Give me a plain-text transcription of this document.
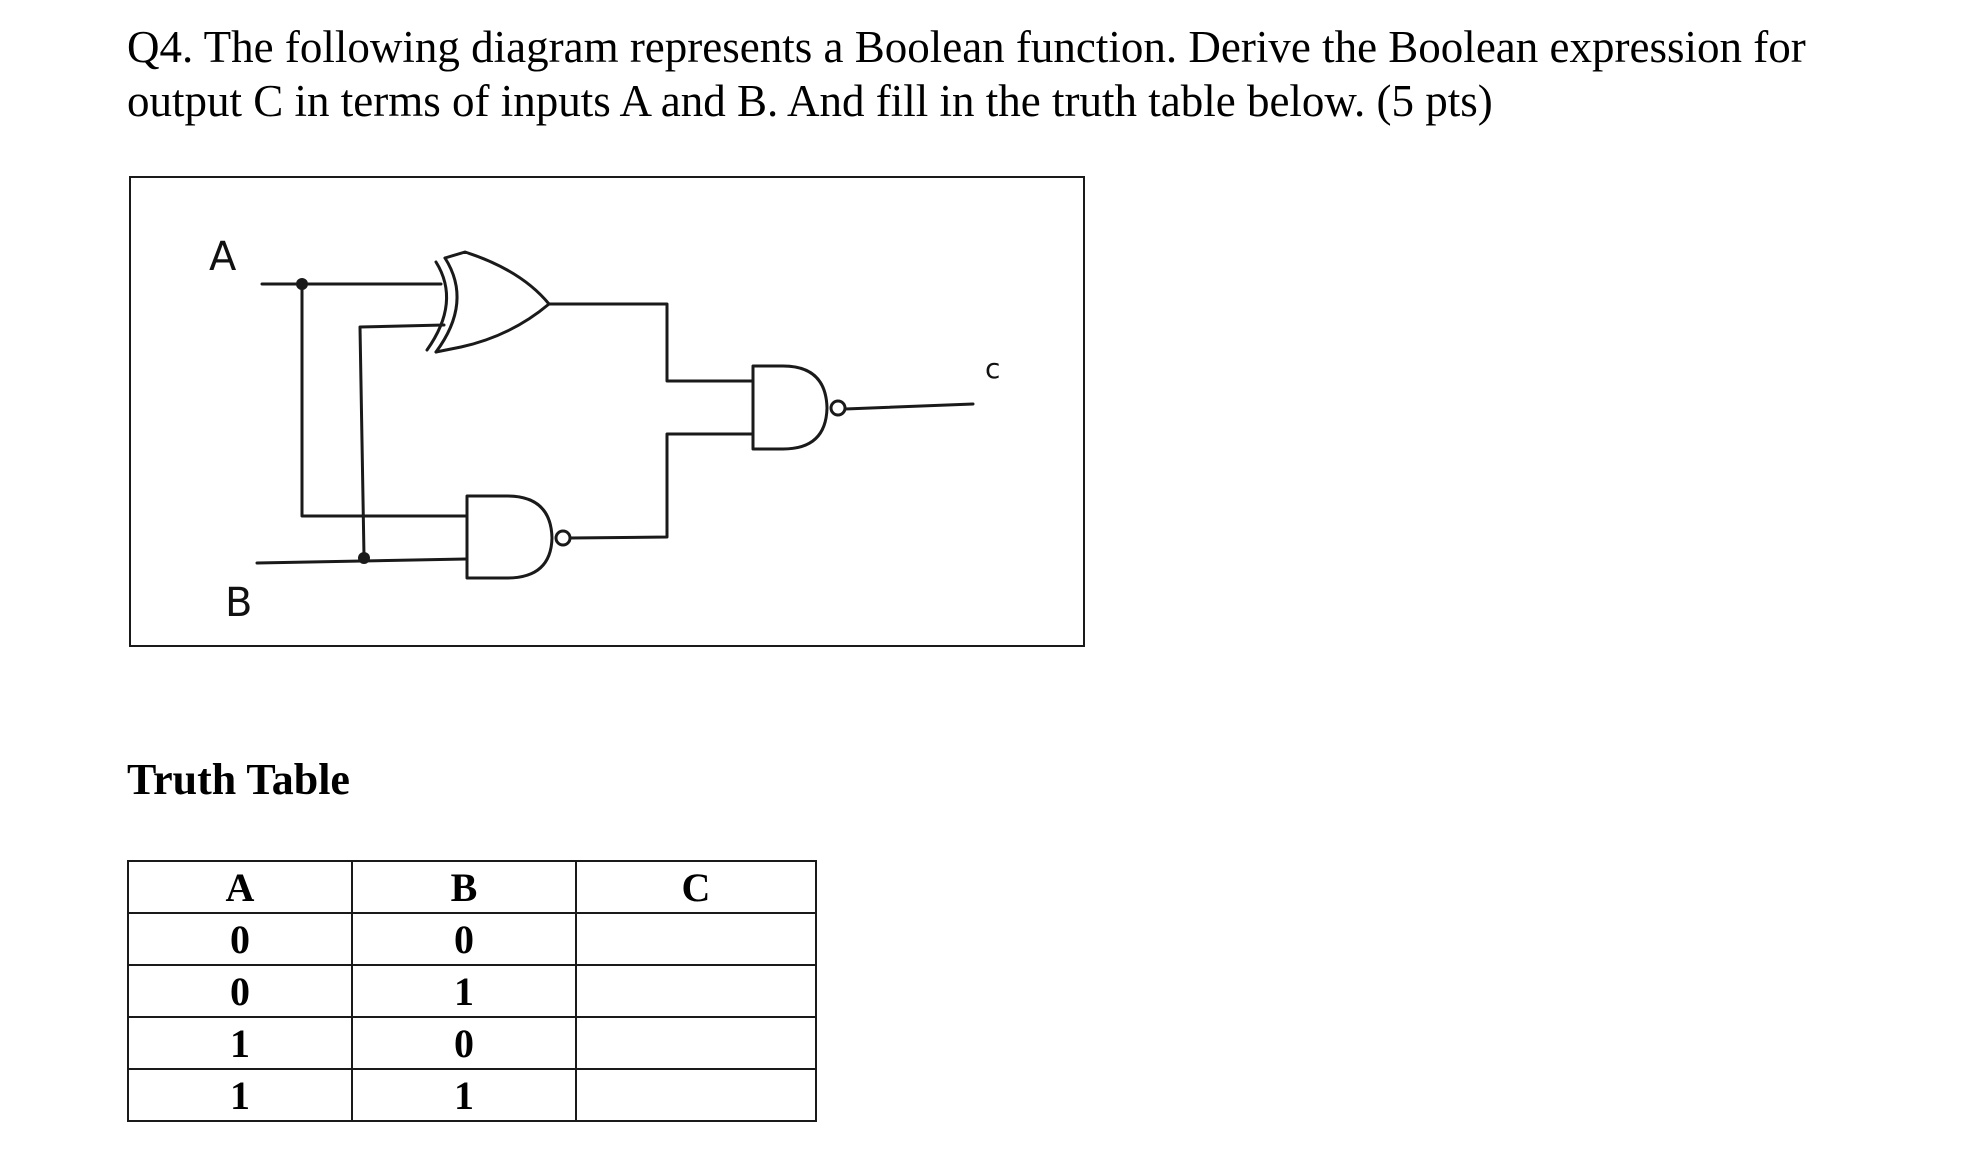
Q4. The following diagram represents a Boolean function. Derive the Boolean expression for
output C in terms of inputs A and B. And fill in the truth table below. (5 pts)
A
B
c
Truth Table
A	B	C
0	0	
0	1	
1	0	
1	1	
